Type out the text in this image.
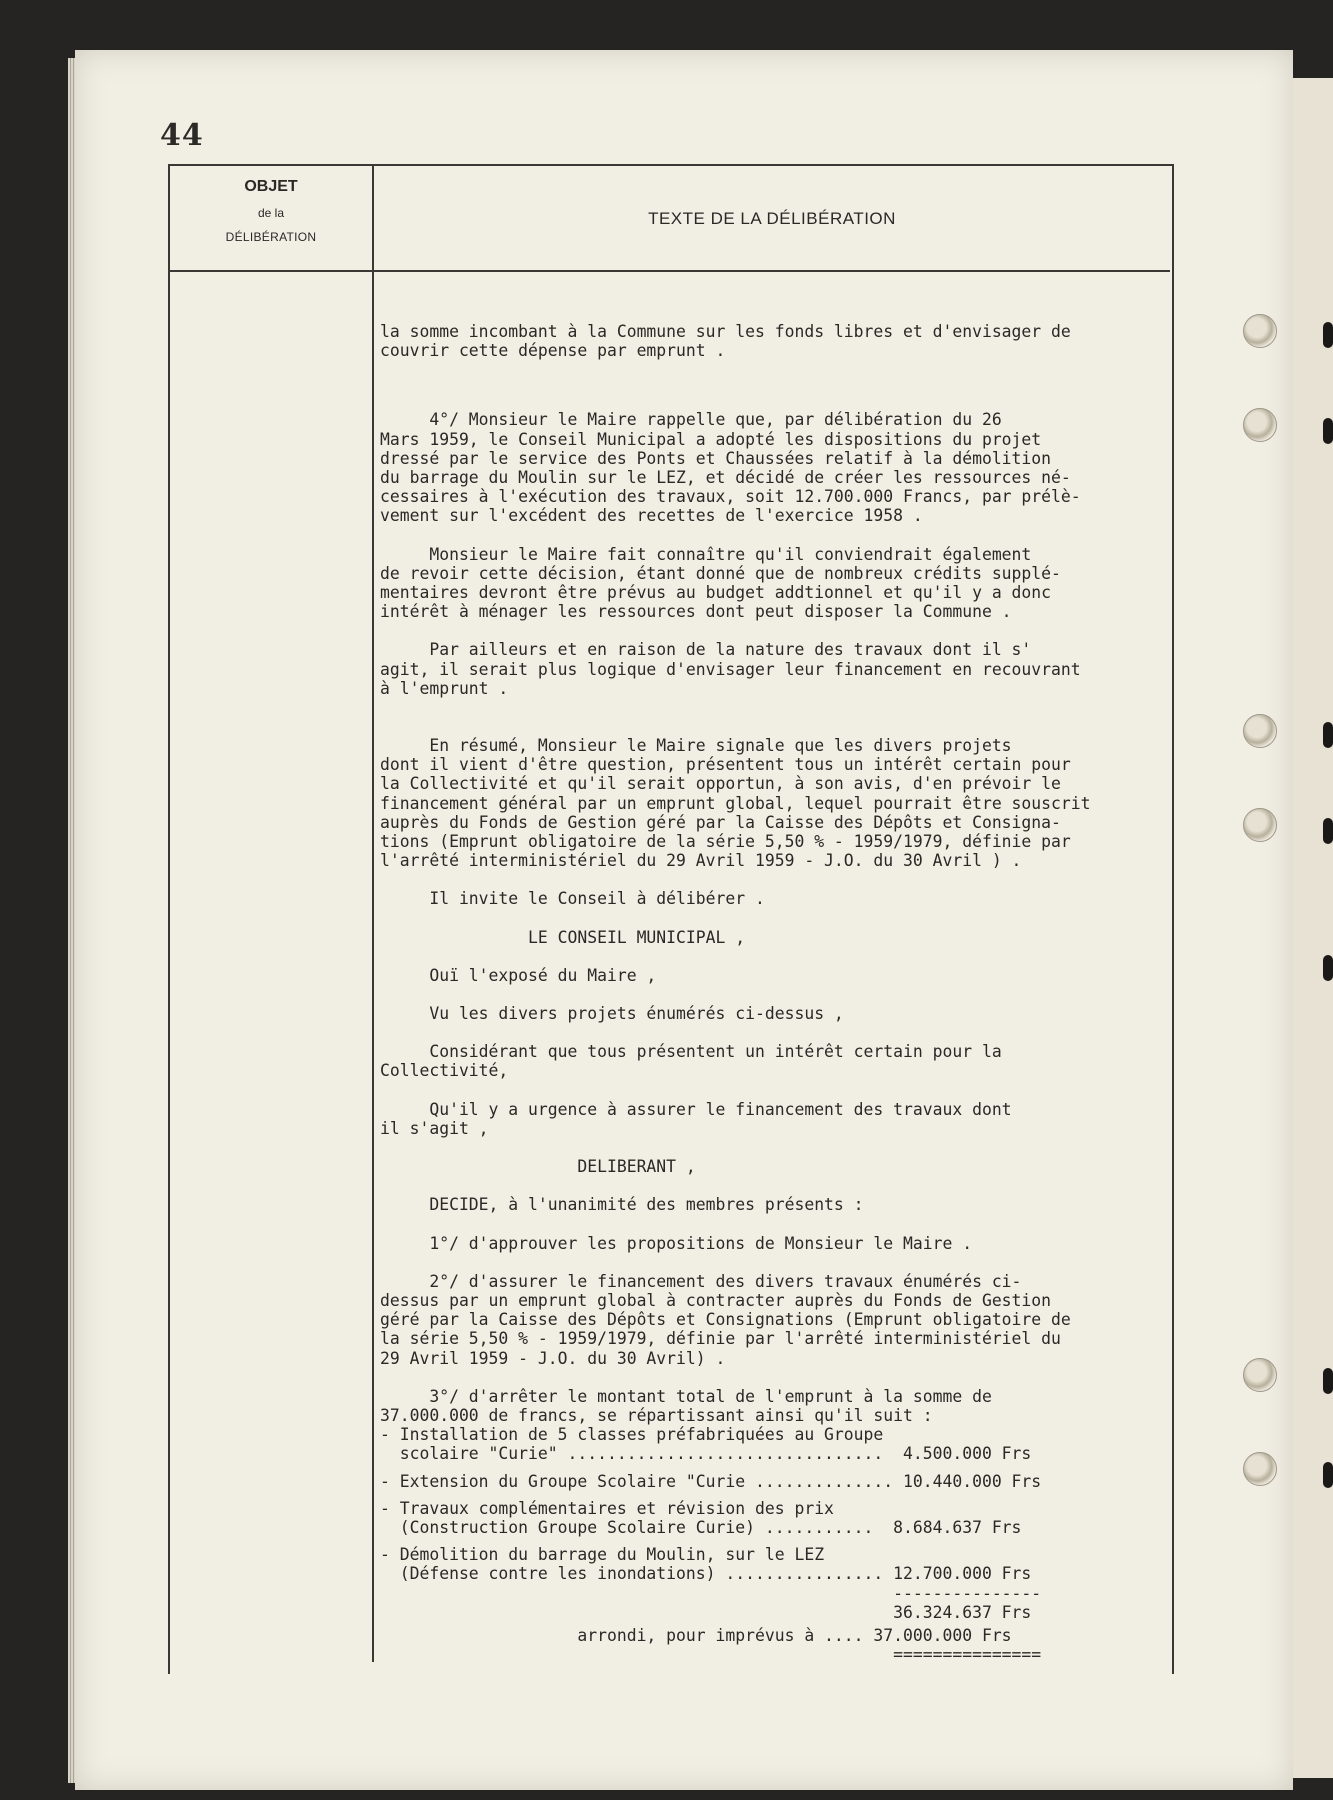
44
OBJET
de la
DÉLIBÉRATION
TEXTE DE LA DÉLIBÉRATION

la somme incombant à la Commune sur les fonds libres et d'envisager de

couvrir cette dépense par emprunt .

4°/ Monsieur le Maire rappelle que, par délibération du 26

Mars 1959, le Conseil Municipal a adopté les dispositions du projet

dressé par le service des Ponts et Chaussées relatif à la démolition

du barrage du Moulin sur le LEZ, et décidé de créer les ressources né-

cessaires à l'exécution des travaux, soit 12.700.000 Francs, par prélè-

vement sur l'excédent des recettes de l'exercice 1958 .

Monsieur le Maire fait connaître qu'il conviendrait également

de revoir cette décision, étant donné que de nombreux crédits supplé-

mentaires devront être prévus au budget addtionnel et qu'il y a donc

intérêt à ménager les ressources dont peut disposer la Commune .

Par ailleurs et en raison de la nature des travaux dont il s'

agit, il serait plus logique d'envisager leur financement en recouvrant

à l'emprunt .

En résumé, Monsieur le Maire signale que les divers projets

dont il vient d'être question, présentent tous un intérêt certain pour

la Collectivité et qu'il serait opportun, à son avis, d'en prévoir le

financement général par un emprunt global, lequel pourrait être souscrit

auprès du Fonds de Gestion géré par la Caisse des Dépôts et Consigna-

tions (Emprunt obligatoire de la série 5,50 % - 1959/1979, définie par

l'arrêté interministériel du 29 Avril 1959 - J.O. du 30 Avril ) .

Il invite le Conseil à délibérer .

LE CONSEIL MUNICIPAL ,

Ouï l'exposé du Maire ,

Vu les divers projets énumérés ci-dessus ,

Considérant que tous présentent un intérêt certain pour la

Collectivité,

Qu'il y a urgence à assurer le financement des travaux dont

il s'agit ,

DELIBERANT ,

DECIDE, à l'unanimité des membres présents :

1°/ d'approuver les propositions de Monsieur le Maire .

2°/ d'assurer le financement des divers travaux énumérés ci-

dessus par un emprunt global à contracter auprès du Fonds de Gestion

géré par la Caisse des Dépôts et Consignations (Emprunt obligatoire de

la série 5,50 % - 1959/1979, définie par l'arrêté interministériel du

29 Avril 1959 - J.O. du 30 Avril) .

3°/ d'arrêter le montant total de l'emprunt à la somme de

37.000.000 de francs, se répartissant ainsi qu'il suit :

- Installation de 5 classes préfabriquées au Groupe

scolaire "Curie" ................................  4.500.000 Frs

- Extension du Groupe Scolaire "Curie .............. 10.440.000 Frs

- Travaux complémentaires et révision des prix

(Construction Groupe Scolaire Curie) ...........  8.684.637 Frs

- Démolition du barrage du Moulin, sur le LEZ

(Défense contre les inondations) ................ 12.700.000 Frs

---------------

36.324.637 Frs

arrondi, pour imprévus à .... 37.000.000 Frs

===============
